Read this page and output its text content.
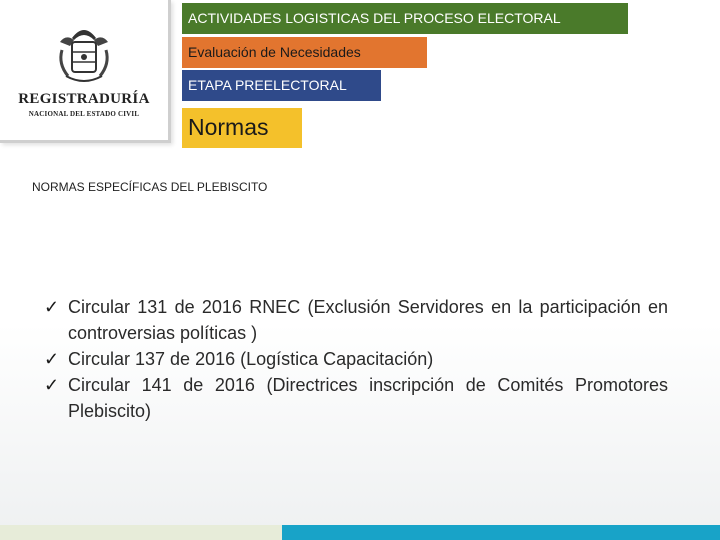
REGISTRADURÍA
NACIONAL DEL ESTADO CIVIL
ACTIVIDADES LOGISTICAS DEL PROCESO ELECTORAL
Evaluación de Necesidades
ETAPA PREELECTORAL
Normas
NORMAS ESPECÍFICAS DEL PLEBISCITO
✓ Circular 131 de 2016 RNEC (Exclusión Servidores en la participación en controversias políticas )
✓ Circular 137 de 2016 (Logística Capacitación)
✓ Circular 141 de 2016 (Directrices inscripción de Comités Promotores Plebiscito)
